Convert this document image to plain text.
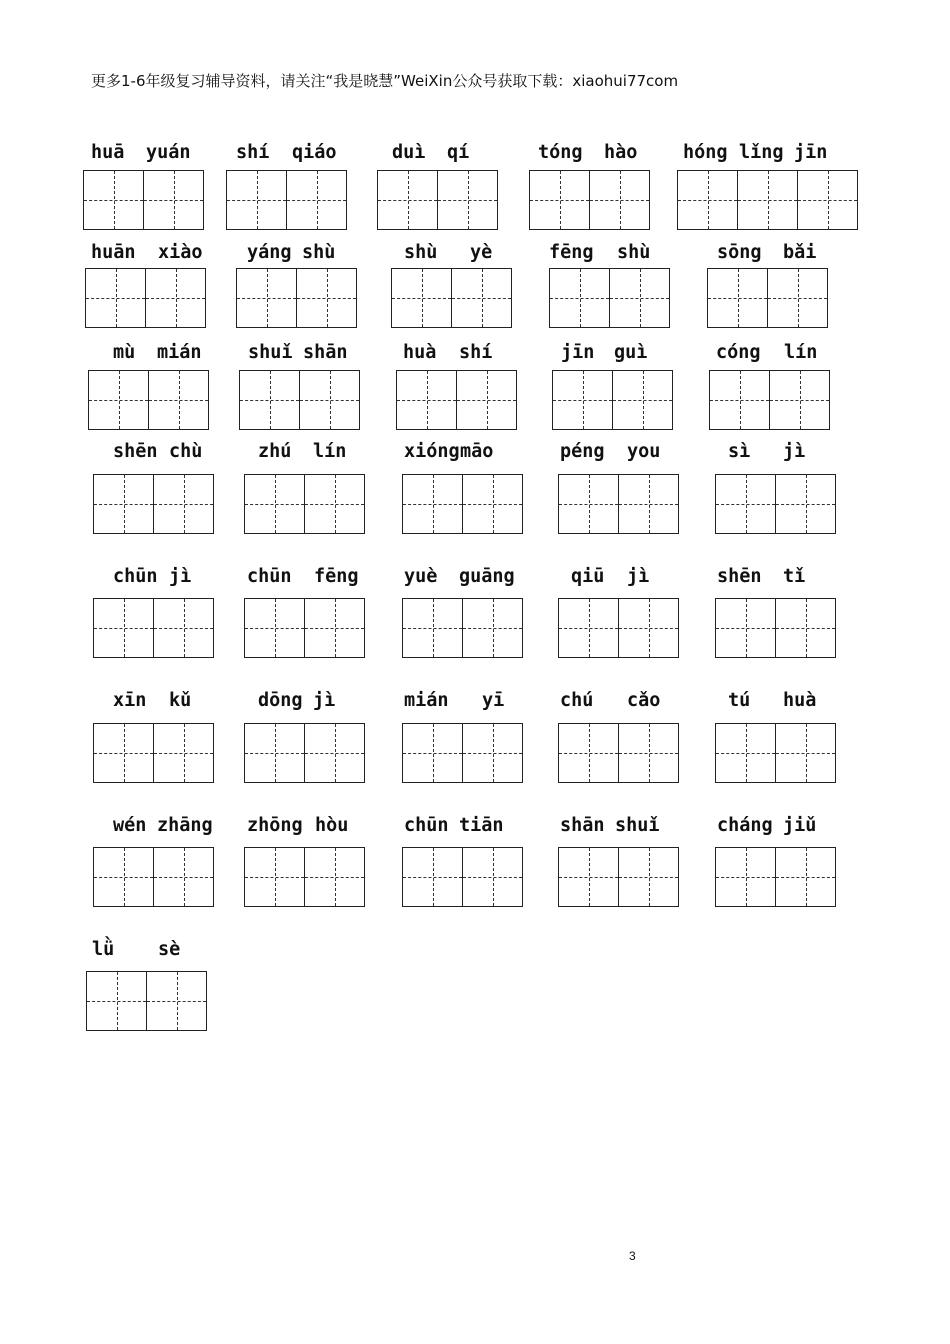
更多1-6年级复习辅导资料，请关注“我是晓慧”WeiXin公众号获取下载：xiaohui77com
huā yuán shí qiáo	duì qí	tóng hào hóng lǐng jīn
huān xiào yáng shù	shù yè	fēng shù	sōng bǎi
mù mián	shuǐ shān	huà shí	jīn guì	cóng lín
shēn chù	zhú lín	xióng māo	péng you	sì jì
chūn jì	chūn fēng yuè guāng	qiū jì	shēn tǐ
xīn kǔ	dōng jì	mián yī	chú cǎo	tú huà
wén zhāng zhōng hòu	chūn tiān	shān shuǐ	cháng jiǔ
lǜ sè
3
